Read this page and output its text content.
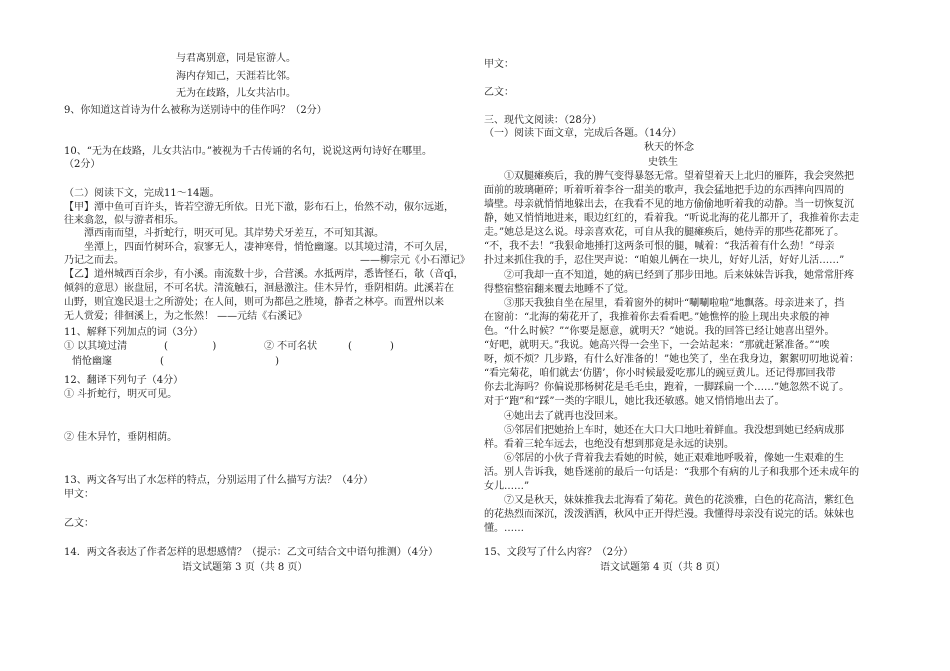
与君离别意，同是宦游人。
海内存知己，天涯若比邻。
无为在歧路，儿女共沾巾。
9、你知道这首诗为什么被称为送别诗中的佳作吗？（2分）
10、“无为在歧路，儿女共沾巾。”被视为千古传诵的名句，说说这两句诗好在哪里。
（2分）
（二）阅读下文，完成11～14题。
【甲】潭中鱼可百许头，皆若空游无所依。日光下澈，影布石上，佁然不动，俶尔远逝，
往来翕忽，似与游者相乐。
潭西南而望，斗折蛇行，明灭可见。其岸势犬牙差互，不可知其源。
坐潭上，四面竹树环合，寂寥无人，凄神寒骨，悄怆幽邃。以其境过清，不可久居，
乃记之而去。	——柳宗元《小石潭记》
【乙】道州城西百余步，有小溪。南流数十步，合营溪。水抵两岸，悉皆怪石，欹（音qī，
倾斜的意思）嵌盘屈，不可名状。清流触石，洄悬激注。佳木异竹，垂阴相荫。此溪若在
山野，则宜逸民退士之所游处；在人间，则可为都邑之胜境，静者之林亭。而置州以来
无人赏爱；徘徊溪上，为之怅然！ ——元结《右溪记》
11、解释下列加点的词（3分）
① 以其境过清	(              )	② 不可名状	(            )
悄怆幽邃	(                                   )
12、翻译下列句子（4分）
① 斗折蛇行，明灭可见。
② 佳木异竹，垂阴相荫。
13、两文各写出了水怎样的特点，分别运用了什么描写方法？（4分）
甲文：
乙文：
14．两文各表达了作者怎样的思想感情？（提示：乙文可结合文中语句推测）（4分）
语文试题第 3 页（共 8 页）
甲文：
乙文：
三、现代文阅读：（28分）
（一）阅读下面文章，完成后各题。（14分）
秋天的怀念
史铁生
①双腿瘫痪后，我的脾气变得暴怒无常。望着望着天上北归的雁阵，我会突然把
面前的玻璃砸碎；听着听着李谷一甜美的歌声，我会猛地把手边的东西摔向四周的
墙壁。母亲就悄悄地躲出去，在我看不见的地方偷偷地听着我的动静。当一切恢复沉
静，她又悄悄地进来，眼边红红的，看着我。“听说北海的花儿都开了，我推着你去走
走。”她总是这么说。母亲喜欢花，可自从我的腿瘫痪后，她侍弄的那些花都死了。
“不，我不去！”我狠命地捶打这两条可恨的腿，喊着：“我活着有什么劲！”母亲
扑过来抓住我的手，忍住哭声说：“咱娘儿俩在一块儿，好好儿活，好好儿活……”
②可我却一直不知道，她的病已经到了那步田地。后来妹妹告诉我，她常常肝疼
得整宿整宿翻来覆去地睡不了觉。
③那天我独自坐在屋里，看着窗外的树叶“唰唰啦啦”地飘落。母亲进来了，挡
在窗前：“北海的菊花开了，我推着你去看看吧。”她憔悴的脸上现出央求般的神
色。“什么时候？”“你要是愿意，就明天？”她说。我的回答已经让她喜出望外。
“好吧，就明天。”我说。她高兴得一会坐下，一会站起来：“那就赶紧准备。”“唉
呀，烦不烦？几步路，有什么好准备的！”她也笑了，坐在我身边，絮絮叨叨地说着：
“看完菊花，咱们就去‘仿膳’，你小时候最爱吃那儿的豌豆黄儿。还记得那回我带
你去北海吗？你偏说那杨树花是毛毛虫，跑着，一脚踩扁一个……”她忽然不说了。
对于“跑”和“踩”一类的字眼儿，她比我还敏感。她又悄悄地出去了。
④她出去了就再也没回来。
⑤邻居们把她抬上车时，她还在大口大口地吐着鲜血。我没想到她已经病成那
样。看着三轮车远去，也绝没有想到那竟是永远的诀别。
⑥邻居的小伙子背着我去看她的时候，她正艰难地呼吸着，像她一生艰难的生
活。别人告诉我，她昏迷前的最后一句话是：“我那个有病的儿子和我那个还未成年的
女儿……”
⑦又是秋天，妹妹推我去北海看了菊花。黄色的花淡雅，白色的花高洁，紫红色
的花热烈而深沉，泼泼洒洒，秋风中正开得烂漫。我懂得母亲没有说完的话。妹妹也
懂。……
15、文段写了什么内容？（2分）
语文试题第 4 页（共 8 页）
